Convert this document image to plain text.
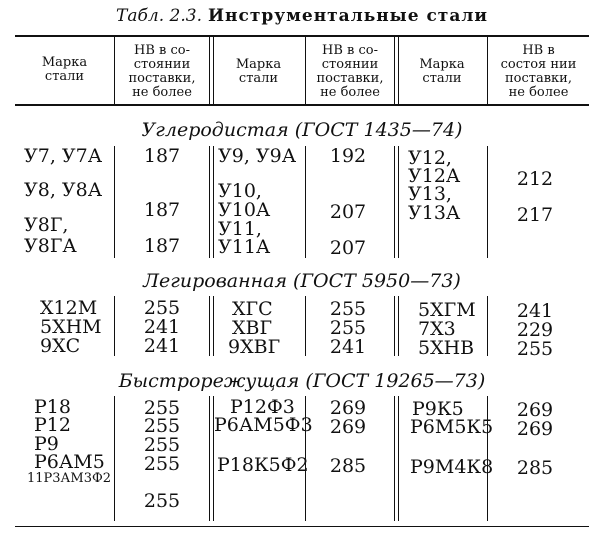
Табл. 2.3. Инструментальные стали
Марка
стали
НВ в со-
стоянии
поставки,
не более
Марка
стали
НВ в со-
стоянии
поставки,
не более
Марка
стали
НВ в
состоя нии
поставки,
не более
Углеродистая (ГОСТ 1435—74)
У7, У7А
У8, У8А
У8Г,
У8ГА
187
187
187
У9, У9А
У10,
У10А
У11,
У11А
192
207
207
У12,
У12А
У13,
У13А
212
217
Легированная (ГОСТ 5950—73)
Х12М
5ХНМ
9ХС
255
241
241
ХГС
ХВГ
9ХВГ
255
255
241
5ХГМ
7Х3
5ХНВ
241
229
255
Быстрорежущая (ГОСТ 19265—73)
Р18
Р12
Р9
Р6АМ5
11Р3АМ3Ф2
255
255
255
255
255
Р12Ф3
Р6АМ5Ф3
Р18К5Ф2
269
269
285
Р9К5
Р6М5К5
Р9М4К8
269
269
285
